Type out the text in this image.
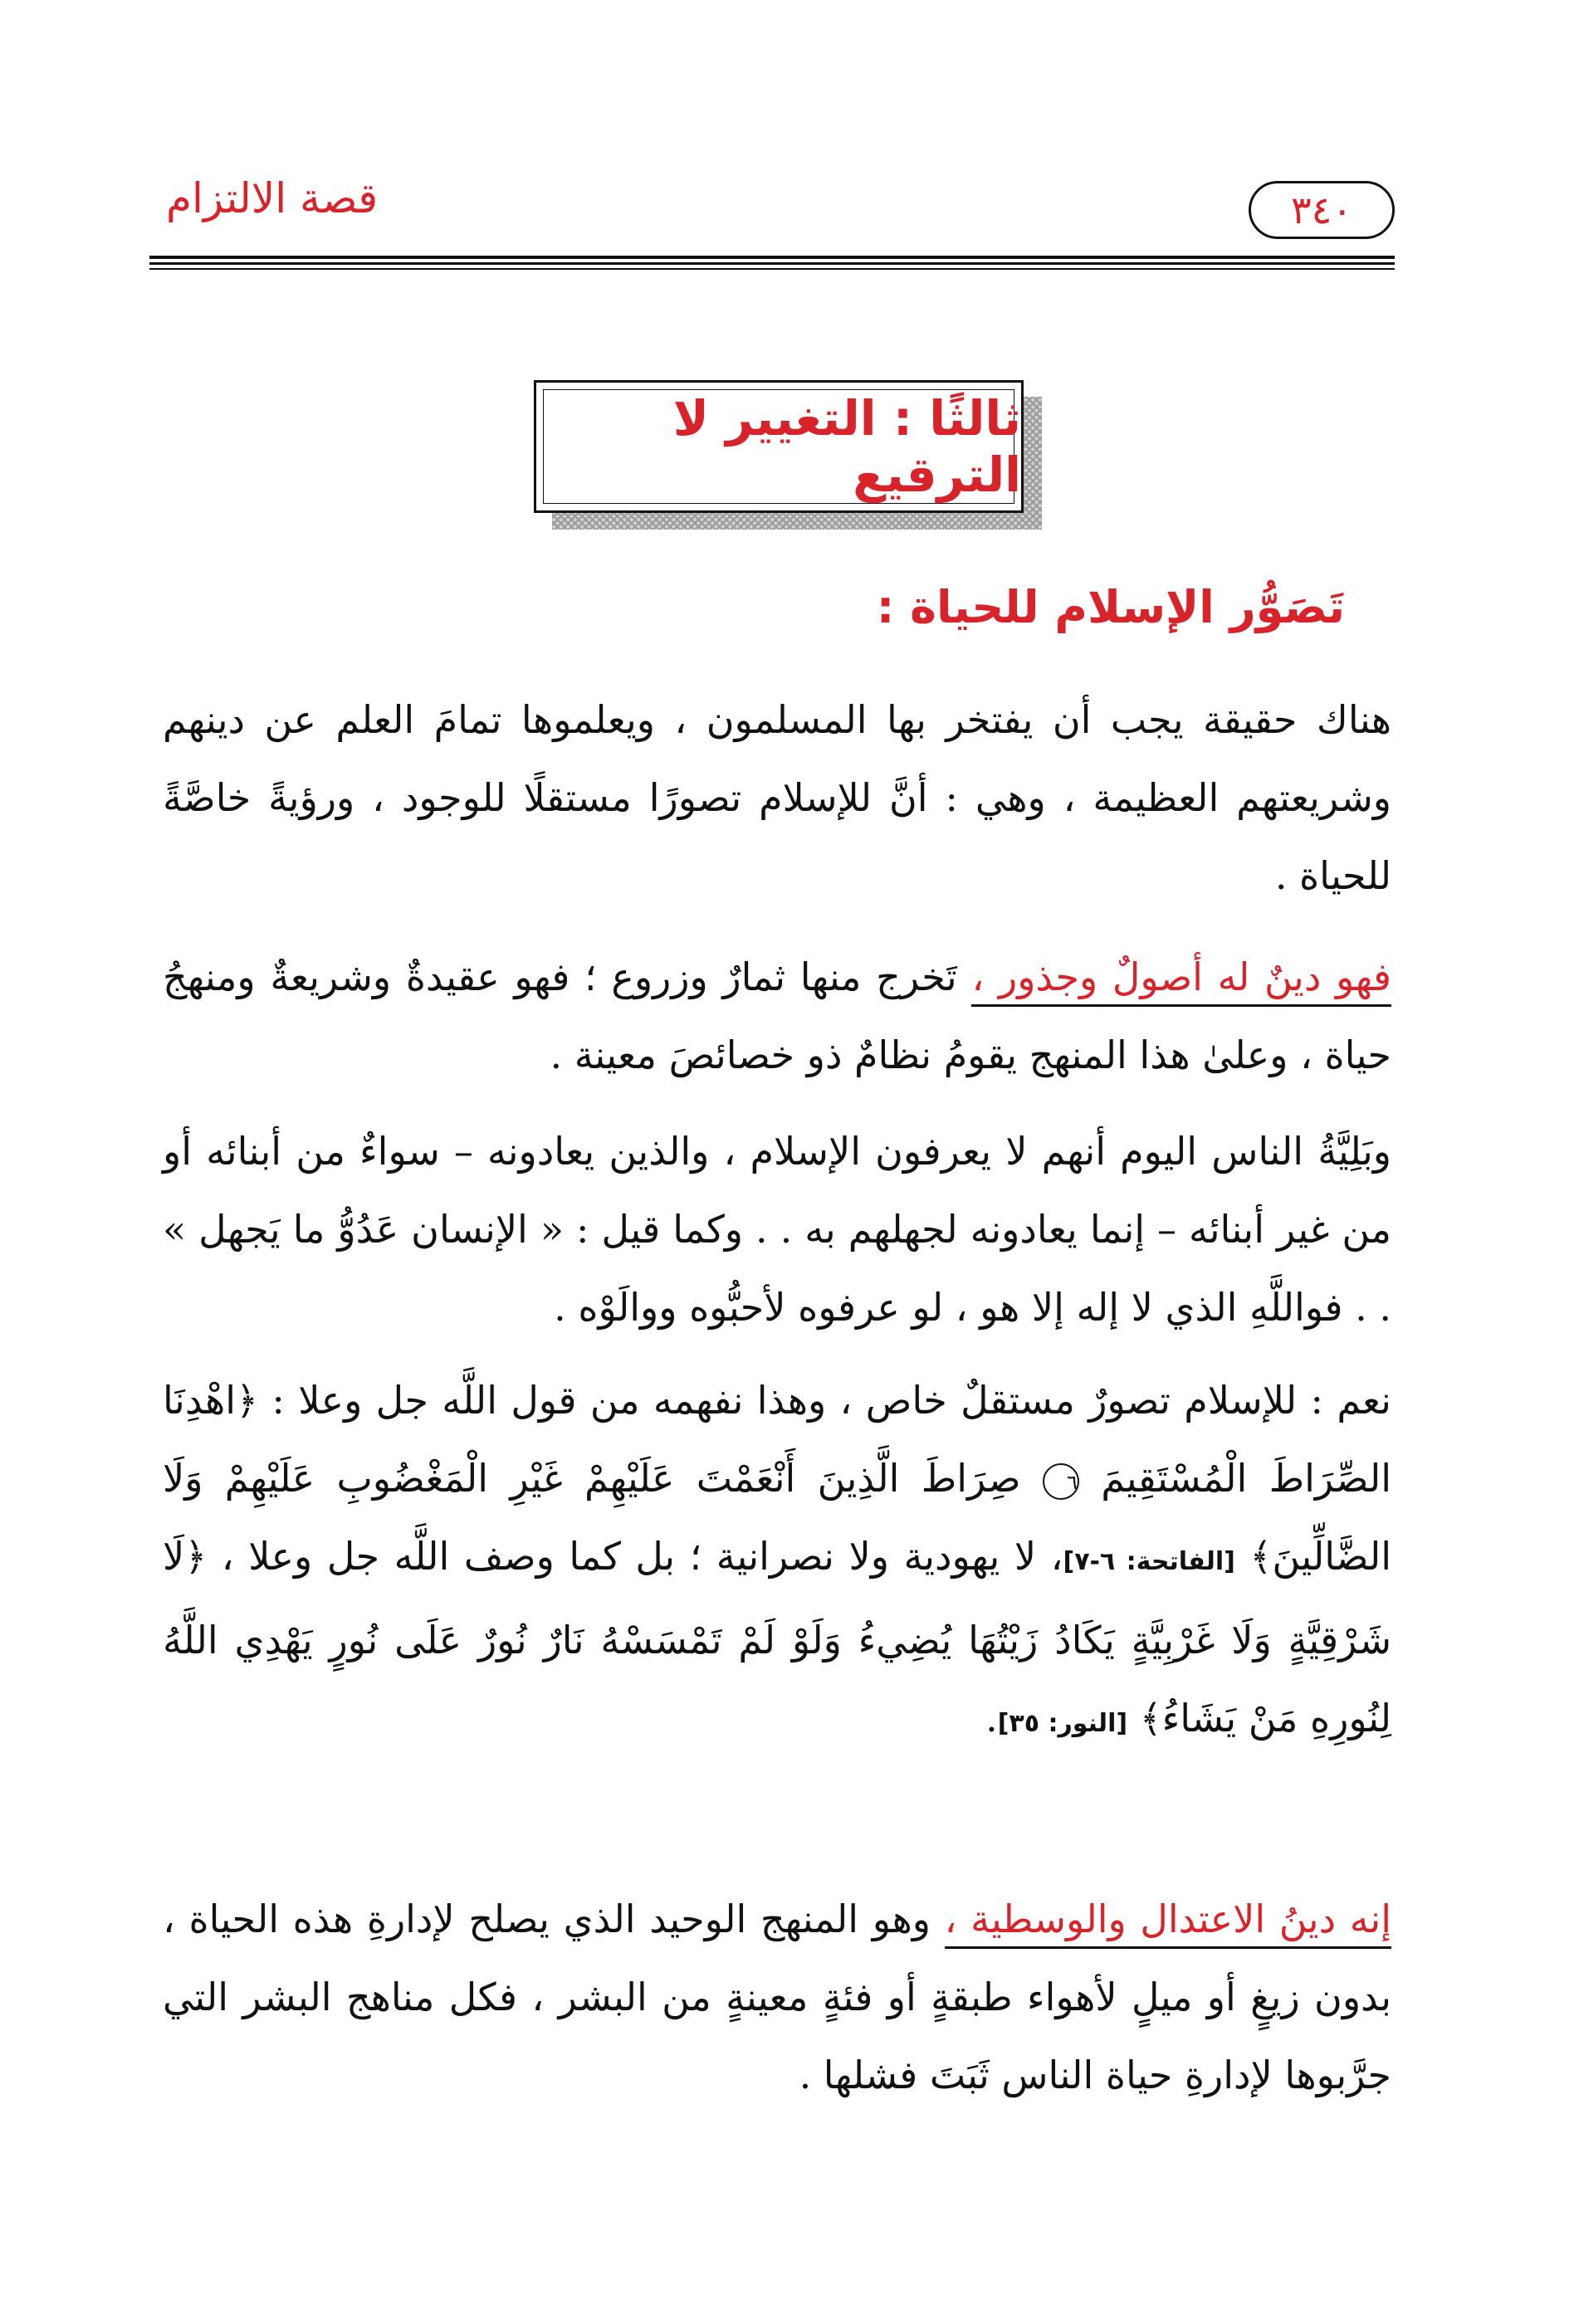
٣٤٠
قصة الالتزام
ثالثًا : التغيير لا الترقيع
تَصَوُّر الإسلام للحياة :
هناك حقيقة يجب أن يفتخر بها المسلمون ، ويعلموها تمامَ العلم عن دينهم وشريعتهم العظيمة ، وهي : أنَّ للإسلام تصورًا مستقلًا للوجود ، ورؤيةً خاصَّةً للحياة .
فهو دينٌ له أصولٌ وجذور ، تَخرج منها ثمارٌ وزروع ؛ فهو عقيدةٌ وشريعةٌ ومنهجُ حياة ، وعلىٰ هذا المنهج يقومُ نظامٌ ذو خصائصَ معينة .
وبَلِيَّةُ الناس اليوم أنهم لا يعرفون الإسلام ، والذين يعادونه – سواءٌ من أبنائه أو من غير أبنائه – إنما يعادونه لجهلهم به . . وكما قيل : « الإنسان عَدُوُّ ما يَجهل » . . فواللَّهِ الذي لا إله إلا هو ، لو عرفوه لأحبُّوه ووالَوْه .
نعم : للإسلام تصورٌ مستقلٌ خاص ، وهذا نفهمه من قول اللَّه جل وعلا : ﴿اهْدِنَا الصِّرَاطَ الْمُسْتَقِيمَ ٦ صِرَاطَ الَّذِينَ أَنْعَمْتَ عَلَيْهِمْ غَيْرِ الْمَغْضُوبِ عَلَيْهِمْ وَلَا الضَّالِّينَ﴾ [الفاتحة: ٦-٧]، لا يهودية ولا نصرانية ؛ بل كما وصف اللَّه جل وعلا ، ﴿لَا شَرْقِيَّةٍ وَلَا غَرْبِيَّةٍ يَكَادُ زَيْتُهَا يُضِيءُ وَلَوْ لَمْ تَمْسَسْهُ نَارٌ نُورٌ عَلَى نُورٍ يَهْدِي اللَّهُ لِنُورِهِ مَنْ يَشَاءُ﴾ [النور: ٣٥].
إنه دينُ الاعتدال والوسطية ، وهو المنهج الوحيد الذي يصلح لإدارةِ هذه الحياة ، بدون زيغٍ أو ميلٍ لأهواء طبقةٍ أو فئةٍ معينةٍ من البشر ، فكل مناهج البشر التي جرَّبوها لإدارةِ حياة الناس ثَبَتَ فشلها .
